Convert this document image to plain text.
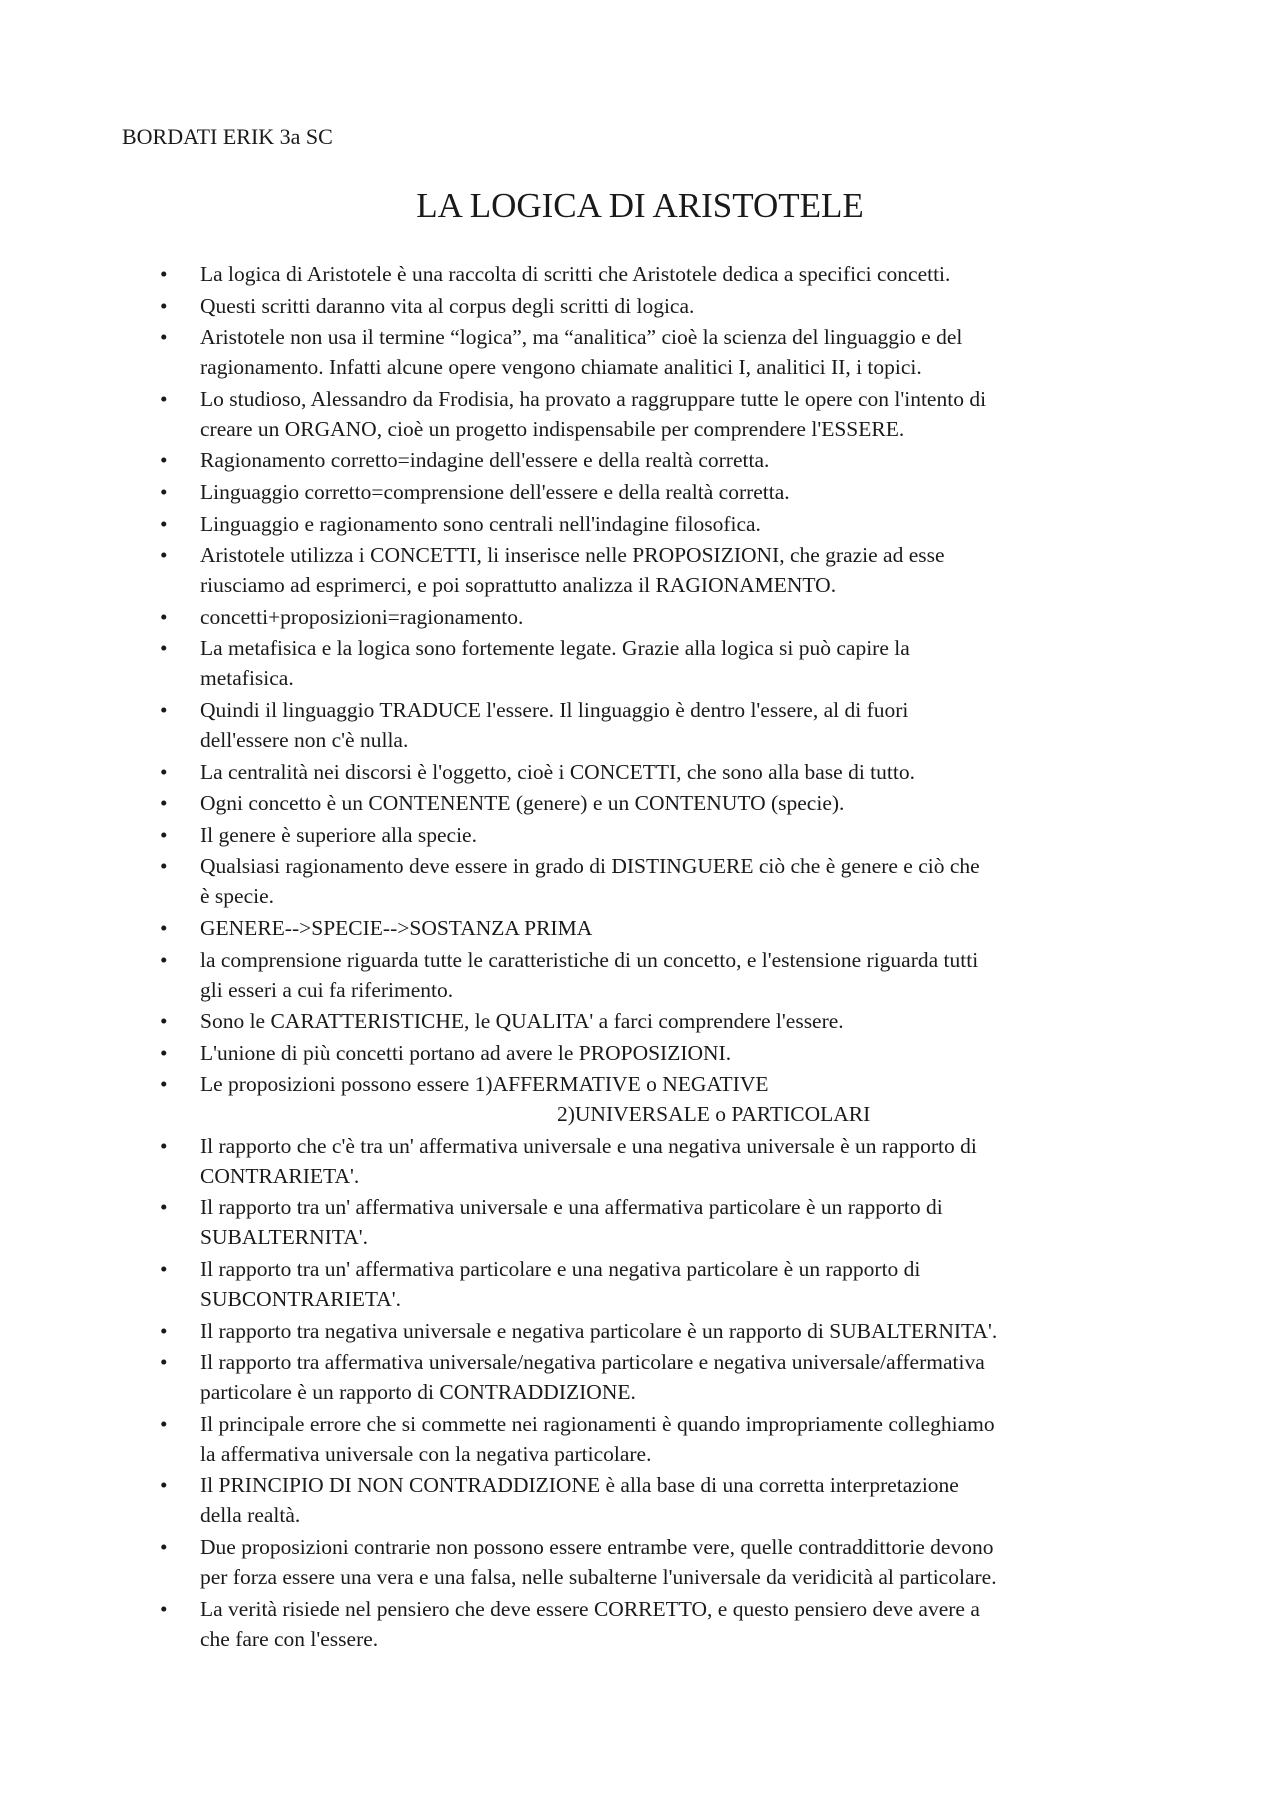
BORDATI ERIK 3a SC
LA LOGICA DI ARISTOTELE
•	La logica di Aristotele è una raccolta di scritti che Aristotele dedica a specifici concetti.
•	Questi scritti daranno vita al corpus degli scritti di logica.
•	Aristotele non usa il termine “logica”, ma “analitica” cioè la scienza del linguaggio e del
ragionamento. Infatti alcune opere vengono chiamate analitici I, analitici II, i topici.
•	Lo studioso, Alessandro da Frodisia, ha provato a raggruppare tutte le opere con l'intento di
creare un ORGANO, cioè un progetto indispensabile per comprendere l'ESSERE.
•	Ragionamento corretto=indagine dell'essere e della realtà corretta.
•	Linguaggio corretto=comprensione dell'essere e della realtà corretta.
•	Linguaggio e ragionamento sono centrali nell'indagine filosofica.
•	Aristotele utilizza i CONCETTI, li inserisce nelle PROPOSIZIONI, che grazie ad esse
riusciamo ad esprimerci, e poi soprattutto analizza il RAGIONAMENTO.
•	concetti+proposizioni=ragionamento.
•	La metafisica e la logica sono fortemente legate. Grazie alla logica si può capire la
metafisica.
•	Quindi il linguaggio TRADUCE l'essere. Il linguaggio è dentro l'essere, al di fuori
dell'essere non c'è nulla.
•	La centralità nei discorsi è l'oggetto, cioè i CONCETTI, che sono alla base di tutto.
•	Ogni concetto è un CONTENENTE (genere) e un CONTENUTO (specie).
•	Il genere è superiore alla specie.
•	Qualsiasi ragionamento deve essere in grado di DISTINGUERE ciò che è genere e ciò che
è specie.
•	GENERE-->SPECIE-->SOSTANZA PRIMA
•	la comprensione riguarda tutte le caratteristiche di un concetto, e l'estensione riguarda tutti
gli esseri a cui fa riferimento.
•	Sono le CARATTERISTICHE, le QUALITA' a farci comprendere l'essere.
•	L'unione di più concetti portano ad avere le PROPOSIZIONI.
•	Le proposizioni possono essere 1)AFFERMATIVE o NEGATIVE
2)UNIVERSALE o PARTICOLARI
•	Il rapporto che c'è tra un' affermativa universale e una negativa universale è un rapporto di
CONTRARIETA'.
•	Il rapporto tra un' affermativa universale e una affermativa particolare è un rapporto di
SUBALTERNITA'.
•	Il rapporto tra un' affermativa particolare e una negativa particolare è un rapporto di
SUBCONTRARIETA'.
•	Il rapporto tra negativa universale e negativa particolare è un rapporto di SUBALTERNITA'.
•	Il rapporto tra affermativa universale/negativa particolare e negativa universale/affermativa
particolare è un rapporto di CONTRADDIZIONE.
•	Il principale errore che si commette nei ragionamenti è quando impropriamente colleghiamo
la affermativa universale con la negativa particolare.
•	Il PRINCIPIO DI NON CONTRADDIZIONE è alla base di una corretta interpretazione
della realtà.
•	Due proposizioni contrarie non possono essere entrambe vere, quelle contraddittorie devono
per forza essere una vera e una falsa, nelle subalterne l'universale da veridicità al particolare.
•	La verità risiede nel pensiero che deve essere CORRETTO, e questo pensiero deve avere a
che fare con l'essere.
